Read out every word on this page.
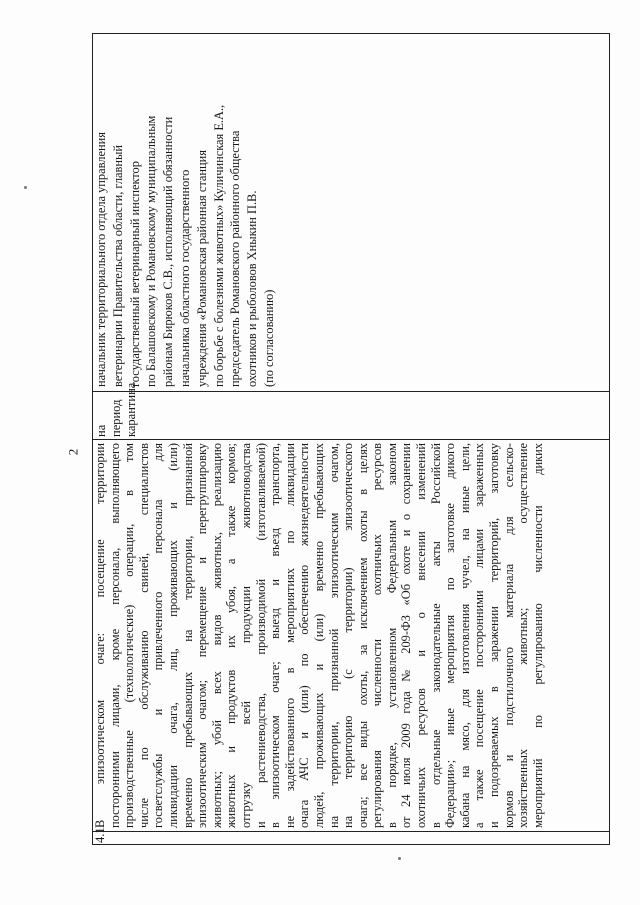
2
4.1.
В эпизоотическом очаге: посещение территории посторонними лицами, кроме персонала, выполняющего производственные (технологические) операции, в том числе по обслуживанию свиней, специалистов госветслужбы и привлеченного персонала для ликвидации очага, лиц, проживающих и (или) временно пребывающих на территории, признанной эпизоотическим очагом; перемещение и перегруппировку животных; убой всех видов животных, реализацию животных и продуктов их убоя, а также кормов; отгрузку всей продукции животноводства и растениеводства, производимой (изготавливаемой) в эпизоотическом очаге; выезд и въезд транспорта, не задействованного в мероприятиях по ликвидации очага АЧС и (или) по обеспечению жизнедеятельности людей, проживающих и (или) временно пребывающих на территории, признанной эпизоотическим очагом, на территорию (с территории) эпизоотического очага; все виды охоты, за исключением охоты в целях регулирования численности охотничьих ресурсов в порядке, установленном Федеральным законом от 24 июля 2009 года № 209-ФЗ «Об охоте и о сохранении охотничьих ресурсов и о внесении изменений в отдельные законодательные акты Российской Федерации»; иные мероприятия по заготовке дикого кабана на мясо, для изготовления чучел, на иные цели, а также посещение посторонними лицами зараженных и подозреваемых в заражении территорий, заготовку кормов и подстилочного материала для сельско- хозяйственных животных; осуществление мероприятий по регулированию численности диких
на период карантина
начальник территориального отдела управления ветеринарии Правительства области, главный государственный ветеринарный инспектор по Балашовскому и Романовскому муниципальным районам Бирюков С.В., исполняющий обязанности начальника областного государственного учреждения «Романовская районная станция по борьбе с болезнями животных» Куличинская Е.А., председатель Романовского районного общества охотников и рыболовов Хныкин П.В. (по согласованию)
